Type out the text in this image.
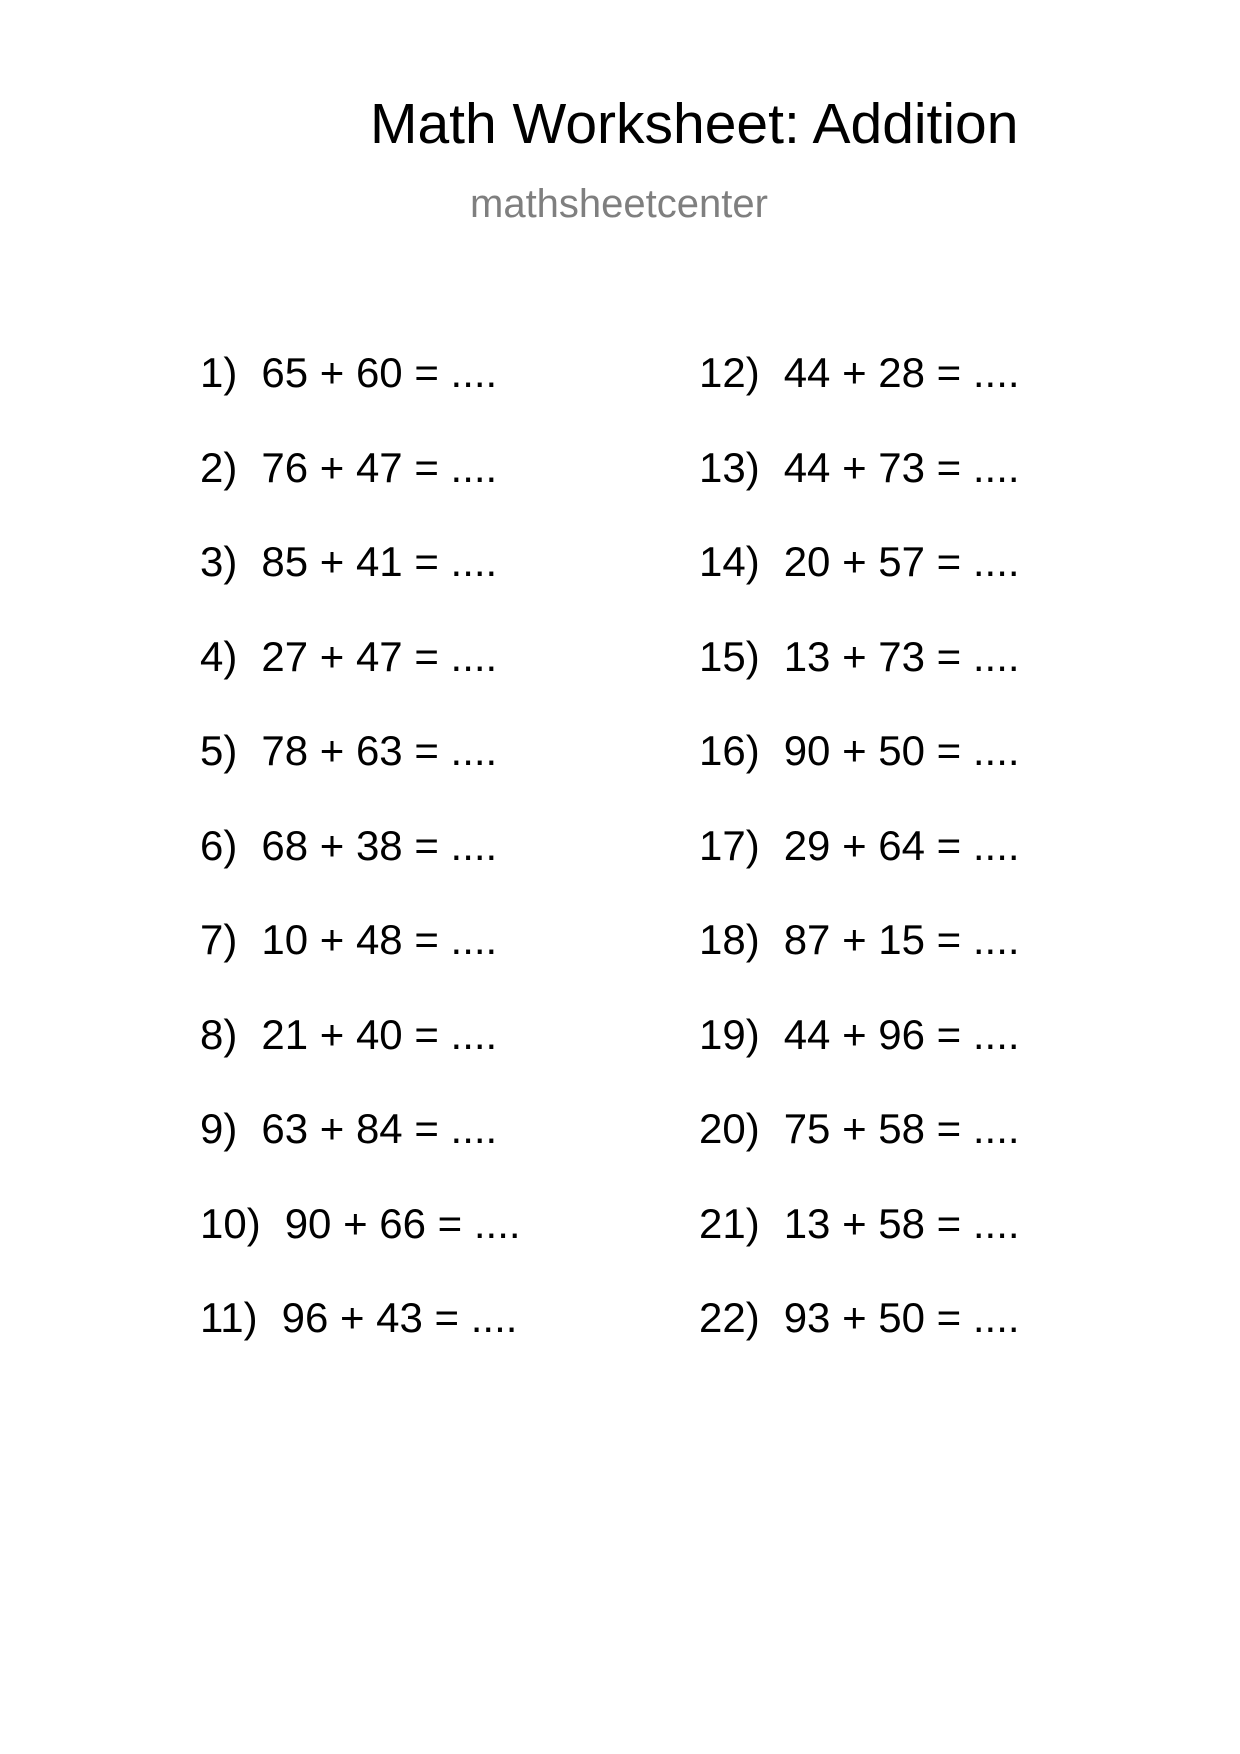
Math Worksheet: Addition
mathsheetcenter
1) 65 + 60 = ....
2) 76 + 47 = ....
3) 85 + 41 = ....
4) 27 + 47 = ....
5) 78 + 63 = ....
6) 68 + 38 = ....
7) 10 + 48 = ....
8) 21 + 40 = ....
9) 63 + 84 = ....
10) 90 + 66 = ....
11) 96 + 43 = ....
12) 44 + 28 = ....
13) 44 + 73 = ....
14) 20 + 57 = ....
15) 13 + 73 = ....
16) 90 + 50 = ....
17) 29 + 64 = ....
18) 87 + 15 = ....
19) 44 + 96 = ....
20) 75 + 58 = ....
21) 13 + 58 = ....
22) 93 + 50 = ....
